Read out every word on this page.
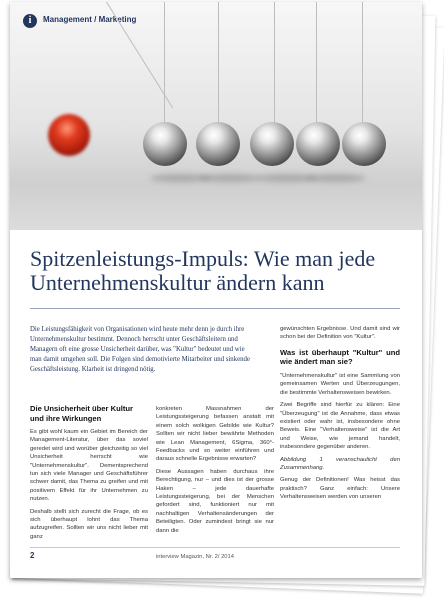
i	Management / Marketing
Spitzenleistungs-Impuls: Wie man jede Unternehmenskultur ändern kann
Die Leistungsfähigkeit von Organisationen wird heute mehr denn je durch ihre Unternehmenskultur bestimmt. Dennoch herrscht unter Geschäftsleitern und Managern oft eine grosse Unsicherheit darüber, was "Kultur" bedeutet und wie man damit umgehen soll. Die Folgen sind demotivierte Mitarbeiter und sinkende Geschäftsleistung. Klarheit ist dringend nötig.
Die Unsicherheit über Kultur und ihre Wirkungen

Es gibt wohl kaum ein Gebiet im Bereich der Management-Literatur, über das soviel geredet wird und worüber gleichzeitig so viel Unsicherheit herrscht wie "Unternehmenskultur". Dementsprechend tun sich viele Manager und Geschäftsführer schwer damit, das Thema zu greifen und mit positivem Effekt für ihr Unternehmen zu nutzen.

Deshalb stellt sich zurecht die Frage, ob es sich überhaupt lohnt das Thema aufzugreifen. Sollten wir uns nicht lieber mit ganz

konkreten Massnahmen der Leistungssteigerung befassen anstatt mit einem solch wolkigen Gebilde wie Kultur? Sollten wir nicht lieber bewährte Methoden wie Lean Management, 6Sigma, 360°-Feedbacks und so weiter einführen und daraus schnelle Ergebnisse erwarten?

Diese Aussagen haben durchaus ihre Berechtigung, nur – und dies ist der grosse Haken – jede dauerhafte Leistungssteigerung, bei der Menschen gefordert sind, funktioniert nur mit nachhaltigen Verhaltensänderungen der Beteiligten. Oder zumindest bringt sie nur dann die

gewünschten Ergebnisse. Und damit sind wir schon bei der Definition von "Kultur".

Was ist überhaupt "Kultur" und wie ändert man sie?

"Unternehmenskultur" ist eine Sammlung von gemeinsamen Werten und Überzeugungen, die bestimmte Verhaltensweisen bewirken.

Zwei Begriffe sind hierfür zu klären: Eine "Überzeugung" ist die Annahme, dass etwas existiert oder wahr ist, insbesondere ohne Beweis. Eine "Verhaltensweise" ist die Art und Weise, wie jemand handelt, insbesondere gegenüber anderen.

Abbildung 1 veranschaulicht den Zusammenhang.

Genug der Definitionen! Was heisst das praktisch? Ganz einfach: Unsere Verhaltensweisen werden von unseren

2	interview Magazin, Nr. 2/ 2014
